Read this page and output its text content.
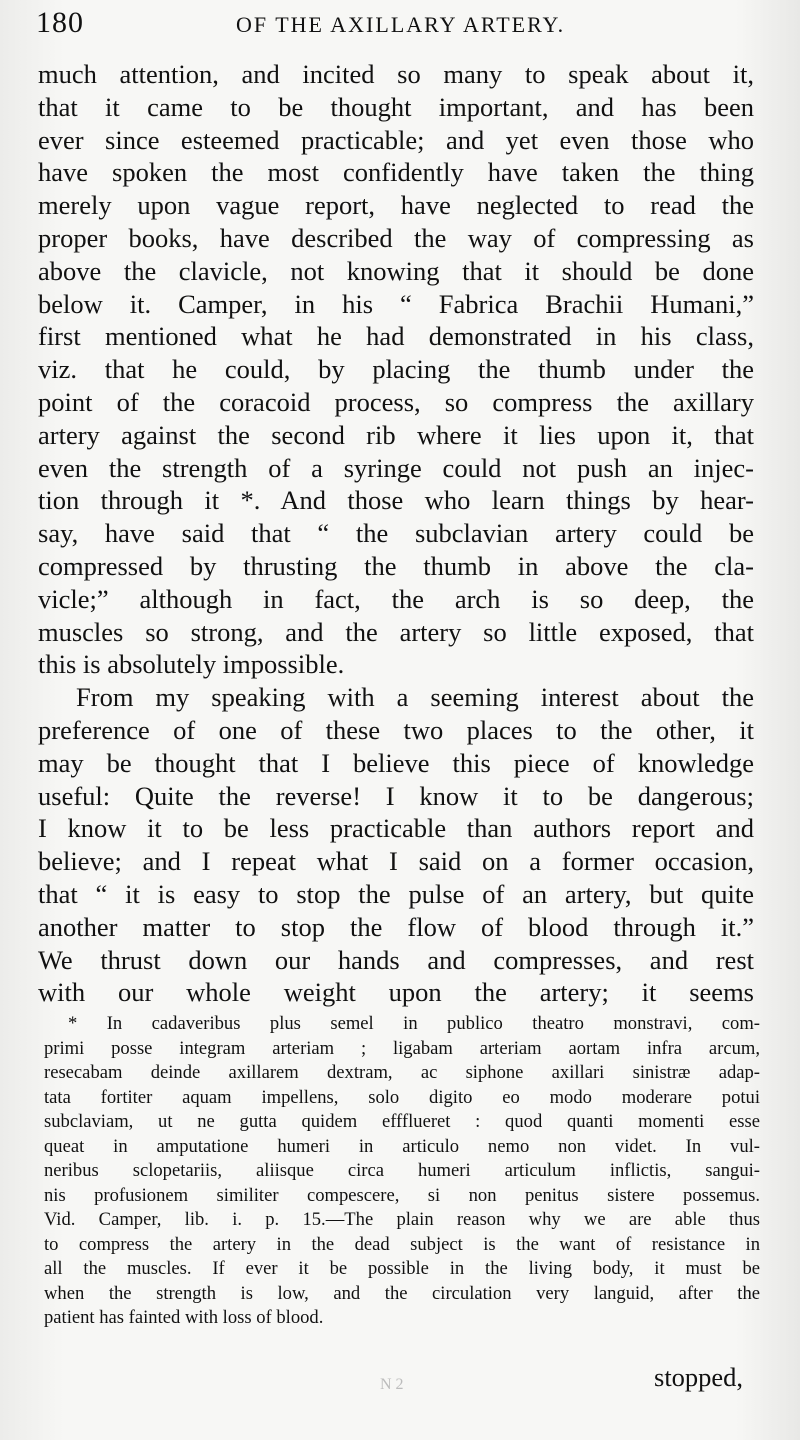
180	OF THE AXILLARY ARTERY.
much attention, and incited so many to speak about it,
that it came to be thought important, and has been
ever since esteemed practicable; and yet even those who
have spoken the most confidently have taken the thing
merely upon vague report, have neglected to read the
proper books, have described the way of compressing as
above the clavicle, not knowing that it should be done
below it. Camper, in his “ Fabrica Brachii Humani,”
first mentioned what he had demonstrated in his class,
viz. that he could, by placing the thumb under the
point of the coracoid process, so compress the axillary
artery against the second rib where it lies upon it, that
even the strength of a syringe could not push an injec-
tion through it *. And those who learn things by hear-
say, have said that “ the subclavian artery could be
compressed by thrusting the thumb in above the cla-
vicle;” although in fact, the arch is so deep, the
muscles so strong, and the artery so little exposed, that
this is absolutely impossible.
From my speaking with a seeming interest about the
preference of one of these two places to the other, it
may be thought that I believe this piece of knowledge
useful: Quite the reverse! I know it to be dangerous;
I know it to be less practicable than authors report and
believe; and I repeat what I said on a former occasion,
that “ it is easy to stop the pulse of an artery, but quite
another matter to stop the flow of blood through it.”
We thrust down our hands and compresses, and rest
with our whole weight upon the artery; it seems
* In cadaveribus plus semel in publico theatro monstravi, com-
primi posse integram arteriam ; ligabam arteriam aortam infra arcum,
resecabam deinde axillarem dextram, ac siphone axillari sinistræ adap-
tata fortiter aquam impellens, solo digito eo modo moderare potui
subclaviam, ut ne gutta quidem effflueret : quod quanti momenti esse
queat in amputatione humeri in articulo nemo non videt. In vul-
neribus sclopetariis, aliisque circa humeri articulum inflictis, sangui-
nis profusionem similiter compescere, si non penitus sistere possemus.
Vid. Camper, lib. i. p. 15.—The plain reason why we are able thus
to compress the artery in the dead subject is the want of resistance in
all the muscles. If ever it be possible in the living body, it must be
when the strength is low, and the circulation very languid, after the
patient has fainted with loss of blood.
N 2	stopped,
